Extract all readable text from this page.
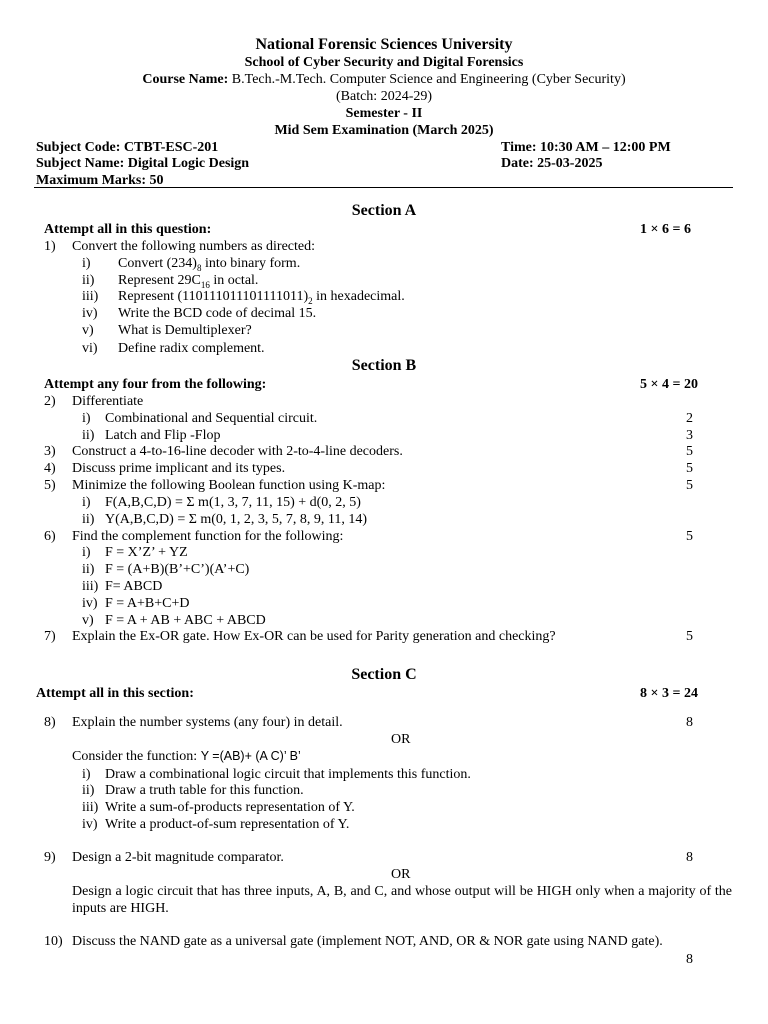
National Forensic Sciences University
School of Cyber Security and Digital Forensics
Course Name: B.Tech.-M.Tech. Computer Science and Engineering (Cyber Security)
(Batch: 2024-29)
Semester - II
Mid Sem Examination (March 2025)
Subject Code: CTBT-ESC-201	Time: 10:30 AM – 12:00 PM
Subject Name: Digital Logic Design	Date: 25-03-2025
Maximum Marks: 50
Section A
Attempt all in this question:	1 × 6 = 6
1) Convert the following numbers as directed:
i) Convert $(234)_8$ into binary form.
ii) Represent $29C_{16}$ in octal.
iii) Represent $(110111011101111011)_2$ in hexadecimal.
iv) Write the BCD code of decimal 15.
v) What is Demultiplexer?
vi) Define radix complement.
Section B
Attempt any four from the following:	5 × 4 = 20
2) Differentiate
i) Combinational and Sequential circuit.	2
ii) Latch and Flip -Flop	3
3) Construct a 4-to-16-line decoder with 2-to-4-line decoders.	5
4) Discuss prime implicant and its types.	5
5) Minimize the following Boolean function using K-map:	5
i) F(A,B,C,D) = Σ m(1, 3, 7, 11, 15) + d(0, 2, 5)
ii) Y(A,B,C,D) = Σ m(0, 1, 2, 3, 5, 7, 8, 9, 11, 14)
6) Find the complement function for the following:	5
i) F = X’Z’ + YZ
ii) F = (A+B)(B’+C’)(A’+C)
iii) F= ABCD
iv) F = A+B+C+D
v) F = A + AB + ABC + ABCD
7) Explain the Ex-OR gate. How Ex-OR can be used for Parity generation and checking?	5
Section C
Attempt all in this section:	8 × 3 = 24
8) Explain the number systems (any four) in detail.	8
OR
Consider the function: Y =(AB)+ (A C)’ B’
i) Draw a combinational logic circuit that implements this function.
ii) Draw a truth table for this function.
iii) Write a sum-of-products representation of Y.
iv) Write a product-of-sum representation of Y.
9) Design a 2-bit magnitude comparator.	8
OR
Design a logic circuit that has three inputs, A, B, and C, and whose output will be HIGH only when a majority of the inputs are HIGH.
10) Discuss the NAND gate as a universal gate (implement NOT, AND, OR & NOR gate using NAND gate).
8
